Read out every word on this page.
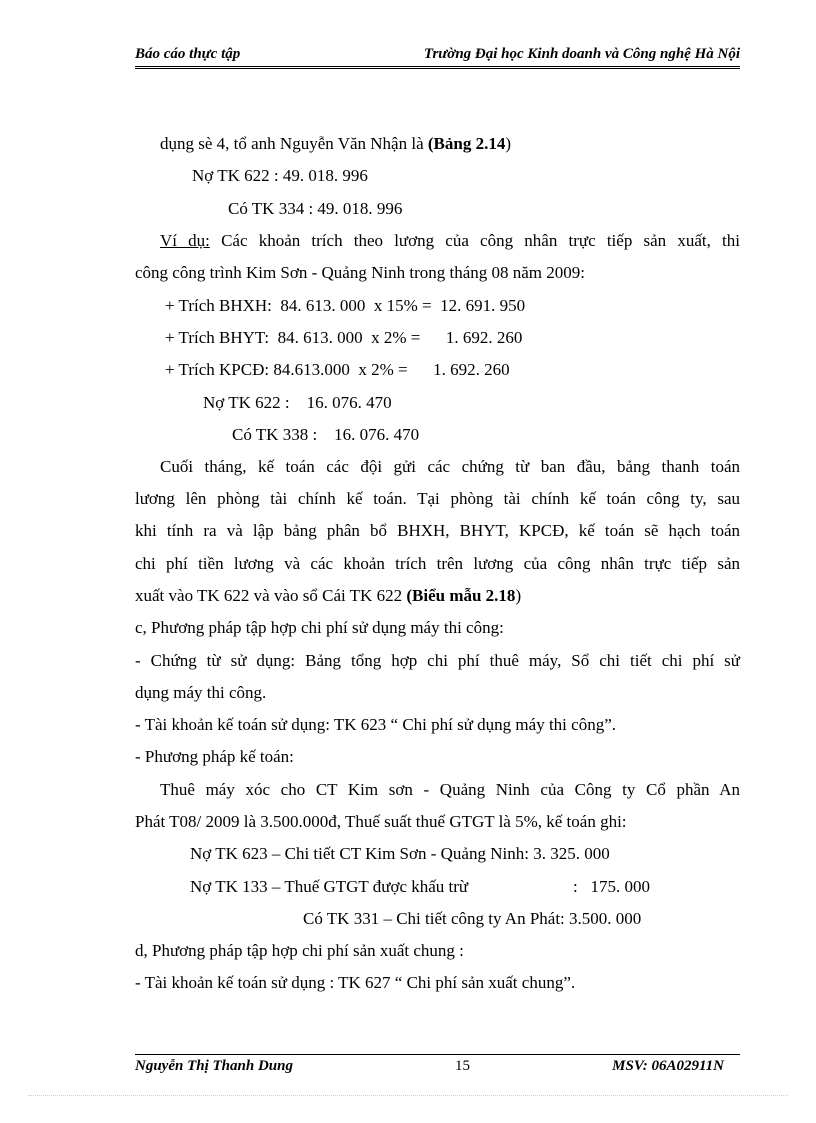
Báo cáo thực tập	Trường Đại học Kinh doanh và Công nghệ Hà Nội
dụng sè 4, tổ anh Nguyễn Văn Nhận là (Bảng 2.14)
Nợ TK 622 : 49. 018. 996
Có TK 334 : 49. 018. 996
Ví dụ: Các khoản trích theo lương của công nhân trực tiếp sản xuất, thi
công công trình Kim Sơn - Quảng Ninh trong tháng 08 năm 2009:
+ Trích BHXH:  84. 613. 000  x 15% =  12. 691. 950
+ Trích BHYT:  84. 613. 000  x 2% =      1. 692. 260
+ Trích KPCĐ: 84.613.000  x 2% =      1. 692. 260
Nợ TK 622 :    16. 076. 470
Có TK 338 :    16. 076. 470
Cuối tháng, kế toán các đội gửi các chứng từ ban đầu, bảng thanh toán
lương lên phòng tài chính kế toán. Tại phòng tài chính kế toán công ty, sau
khi tính ra và lập bảng phân bổ BHXH, BHYT, KPCĐ, kế toán sẽ hạch toán
chi phí tiền lương và các khoản trích trên lương của công nhân trực tiếp sản
xuất vào TK 622 và vào sổ Cái TK 622 (Biểu mẫu 2.18)
c, Phương pháp tập hợp chi phí sử dụng máy thi công:
- Chứng từ sử dụng: Bảng tổng hợp chi phí thuê máy, Sổ chi tiết chi phí sử
dụng máy thi công.
- Tài khoản kế toán sử dụng: TK 623 “ Chi phí sử dụng máy thi công”.
- Phương pháp kế toán:
Thuê máy xóc cho CT Kim sơn - Quảng Ninh của Công ty Cổ phần An
Phát T08/ 2009 là 3.500.000đ, Thuế suất thuế GTGT là 5%, kế toán ghi:
Nợ TK 623 – Chi tiết CT Kim Sơn - Quảng Ninh: 3. 325. 000
Nợ TK 133 – Thuế GTGT được khấu trừ	:   175. 000
Có TK 331 – Chi tiết công ty An Phát: 3.500. 000
d, Phương pháp tập hợp chi phí sản xuất chung :
- Tài khoản kế toán sử dụng : TK 627 “ Chi phí sản xuất chung”.
Nguyễn Thị Thanh Dung	15	MSV: 06A02911N
